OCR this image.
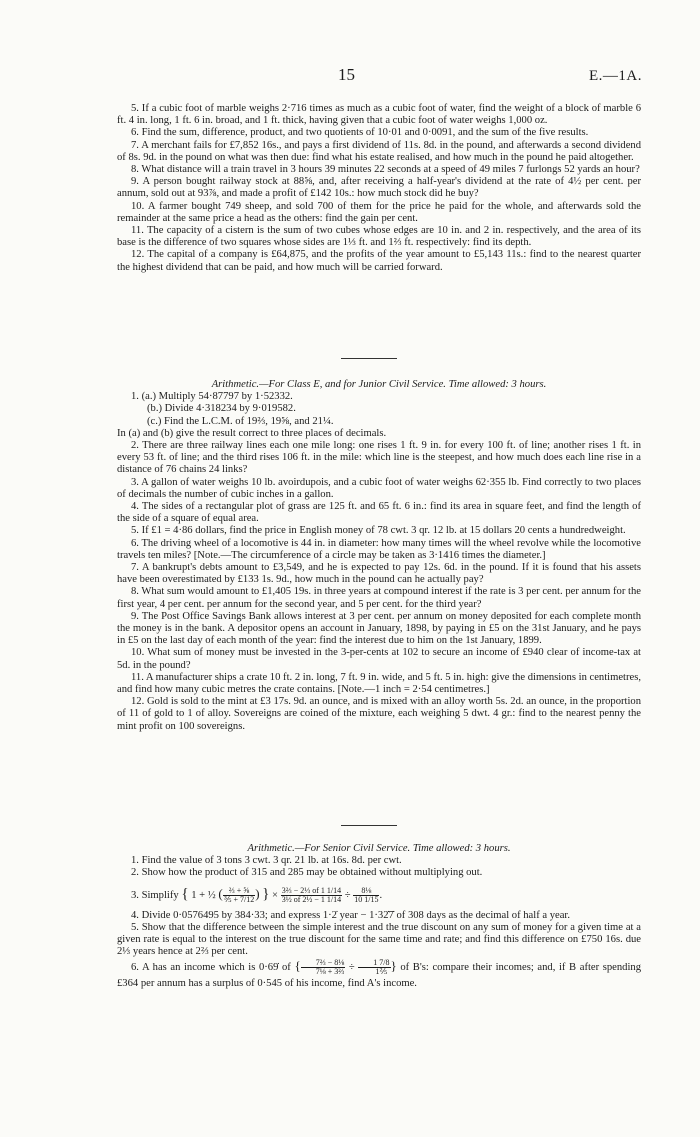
15	E.—1A.

5. If a cubic foot of marble weighs 2·716 times as much as a cubic foot of water, find the weight of a block of marble 6 ft. 4 in. long, 1 ft. 6 in. broad, and 1 ft. thick, having given that a cubic foot of water weighs 1,000 oz.

6. Find the sum, difference, product, and two quotients of 10·01 and 0·0091, and the sum of the five results.

7. A merchant fails for £7,852 16s., and pays a first dividend of 11s. 8d. in the pound, and afterwards a second dividend of 8s. 9d. in the pound on what was then due: find what his estate realised, and how much in the pound he paid altogether.

8. What distance will a train travel in 3 hours 39 minutes 22 seconds at a speed of 49 miles 7 furlongs 52 yards an hour?

9. A person bought railway stock at 88⅝, and, after receiving a half-year's dividend at the rate of 4½ per cent. per annum, sold out at 93⅞, and made a profit of £142 10s.: how much stock did he buy?

10. A farmer bought 749 sheep, and sold 700 of them for the price he paid for the whole, and afterwards sold the remainder at the same price a head as the others: find the gain per cent.

11. The capacity of a cistern is the sum of two cubes whose edges are 10 in. and 2 in. respectively, and the area of its base is the difference of two squares whose sides are 1⅓ ft. and 1⅔ ft. respectively: find its depth.

12. The capital of a company is £64,875, and the profits of the year amount to £5,143 11s.: find to the nearest quarter the highest dividend that can be paid, and how much will be carried forward.

Arithmetic.—For Class E, and for Junior Civil Service. Time allowed: 3 hours.

1. (a.) Multiply 54·87797 by 1·52332.

(b.) Divide 4·318234 by 9·019582.

(c.) Find the L.C.M. of 19⅔, 19⅝, and 21¼.

In (a) and (b) give the result correct to three places of decimals.

2. There are three railway lines each one mile long: one rises 1 ft. 9 in. for every 100 ft. of line; another rises 1 ft. in every 53 ft. of line; and the third rises 106 ft. in the mile: which line is the steepest, and how much does each line rise in a distance of 76 chains 24 links?

3. A gallon of water weighs 10 lb. avoirdupois, and a cubic foot of water weighs 62·355 lb. Find correctly to two places of decimals the number of cubic inches in a gallon.

4. The sides of a rectangular plot of grass are 125 ft. and 65 ft. 6 in.: find its area in square feet, and find the length of the side of a square of equal area.

5. If £1 = 4·86 dollars, find the price in English money of 78 cwt. 3 qr. 12 lb. at 15 dollars 20 cents a hundredweight.

6. The driving wheel of a locomotive is 44 in. in diameter: how many times will the wheel revolve while the locomotive travels ten miles? [Note.—The circumference of a circle may be taken as 3·1416 times the diameter.]

7. A bankrupt's debts amount to £3,549, and he is expected to pay 12s. 6d. in the pound. If it is found that his assets have been overestimated by £133 1s. 9d., how much in the pound can he actually pay?

8. What sum would amount to £1,405 19s. in three years at compound interest if the rate is 3 per cent. per annum for the first year, 4 per cent. per annum for the second year, and 5 per cent. for the third year?

9. The Post Office Savings Bank allows interest at 3 per cent. per annum on money deposited for each complete month the money is in the bank. A depositor opens an account in January, 1898, by paying in £5 on the 31st January, and he pays in £5 on the last day of each month of the year: find the interest due to him on the 1st January, 1899.

10. What sum of money must be invested in the 3-per-cents at 102 to secure an income of £940 clear of income-tax at 5d. in the pound?

11. A manufacturer ships a crate 10 ft. 2 in. long, 7 ft. 9 in. wide, and 5 ft. 5 in. high: give the dimensions in centimetres, and find how many cubic metres the crate contains. [Note.—1 inch = 2·54 centimetres.]

12. Gold is sold to the mint at £3 17s. 9d. an ounce, and is mixed with an alloy worth 5s. 2d. an ounce, in the proportion of 11 of gold to 1 of alloy. Sovereigns are coined of the mixture, each weighing 5 dwt. 4 gr.: find to the nearest penny the mint profit on 100 sovereigns.

Arithmetic.—For Senior Civil Service. Time allowed: 3 hours.

1. Find the value of 3 tons 3 cwt. 3 qr. 21 lb. at 16s. 8d. per cwt.

2. Show how the product of 315 and 285 may be obtained without multiplying out.

3. Simplify { 1 + ½ ( $\frac{\text{⅔ + ⅝}}{\text{⅗ + 7/12}}$ ) } × $\frac{\text{3⅔ − 2⅓ of 1 1/14}}{\text{3½ of 2½ − 1 1/14}} \div \frac{\text{8⅛}}{10 1/15}$ .

4. Divide 0·0576495 by 384·33; and express 1·2̇ year − 1·32̇7̇ of 308 days as the decimal of half a year.

5. Show that the difference between the simple interest and the true discount on any sum of money for a given time at a given rate is equal to the interest on the true discount for the same time and rate; and find this difference on £750 16s. due 2⅓ years hence at 2⅔ per cent.

6. A has an income which is 0·69̇ of { $\frac{\text{7⅔ − 8⅛}}{\text{7⅛ + 3⅔}} \div \frac{1 7/8}{\text{1⅖}}$ } of B's: compare their incomes; and, if B after spending £364 per annum has a surplus of 0·545 of his income, find A's income.
